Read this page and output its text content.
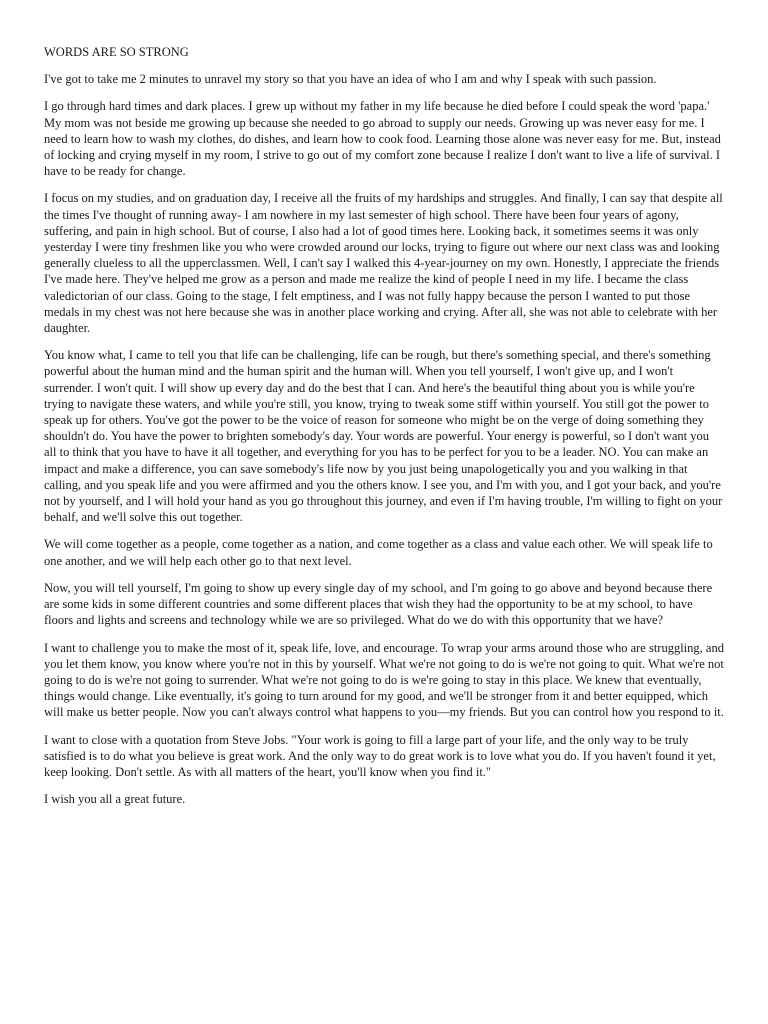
WORDS ARE SO STRONG

I've got to take me 2 minutes to unravel my story so that you have an idea of who I am and why I speak with such passion.

I go through hard times and dark places. I grew up without my father in my life because he died before I could speak the word 'papa.' My mom was not beside me growing up because she needed to go abroad to supply our needs. Growing up was never easy for me. I need to learn how to wash my clothes, do dishes, and learn how to cook food. Learning those alone was never easy for me. But, instead of locking and crying myself in my room, I strive to go out of my comfort zone because I realize I don't want to live a life of survival. I have to be ready for change.

I focus on my studies, and on graduation day, I receive all the fruits of my hardships and struggles. And finally, I can say that despite all the times I've thought of running away- I am nowhere in my last semester of high school. There have been four years of agony, suffering, and pain in high school. But of course, I also had a lot of good times here. Looking back, it sometimes seems it was only yesterday I were tiny freshmen like you who were crowded around our locks, trying to figure out where our next class was and looking generally clueless to all the upperclassmen. Well, I can't say I walked this 4-year-journey on my own. Honestly, I appreciate the friends I've made here. They've helped me grow as a person and made me realize the kind of people I need in my life. I became the class valedictorian of our class. Going to the stage, I felt emptiness, and I was not fully happy because the person I wanted to put those medals in my chest was not here because she was in another place working and crying. After all, she was not able to celebrate with her daughter.

You know what, I came to tell you that life can be challenging, life can be rough, but there's something special, and there's something powerful about the human mind and the human spirit and the human will. When you tell yourself, I won't give up, and I won't surrender. I won't quit. I will show up every day and do the best that I can. And here's the beautiful thing about you is while you're trying to navigate these waters, and while you're still, you know, trying to tweak some stiff within yourself. You still got the power to speak up for others. You've got the power to be the voice of reason for someone who might be on the verge of doing something they shouldn't do. You have the power to brighten somebody's day. Your words are powerful. Your energy is powerful, so I don't want you all to think that you have to have it all together, and everything for you has to be perfect for you to be a leader. NO. You can make an impact and make a difference, you can save somebody's life now by you just being unapologetically you and you walking in that calling, and you speak life and you were affirmed and you the others know. I see you, and I'm with you, and I got your back, and you're not by yourself, and I will hold your hand as you go throughout this journey, and even if I'm having trouble, I'm willing to fight on your behalf, and we'll solve this out together.

We will come together as a people, come together as a nation, and come together as a class and value each other. We will speak life to one another, and we will help each other go to that next level.

Now, you will tell yourself, I'm going to show up every single day of my school, and I'm going to go above and beyond because there are some kids in some different countries and some different places that wish they had the opportunity to be at my school, to have floors and lights and screens and technology while we are so privileged. What do we do with this opportunity that we have?

I want to challenge you to make the most of it, speak life, love, and encourage. To wrap your arms around those who are struggling, and you let them know, you know where you're not in this by yourself. What we're not going to do is we're not going to quit. What we're not going to do is we're not going to surrender. What we're not going to do is we're going to stay in this place. We knew that eventually, things would change. Like eventually, it's going to turn around for my good, and we'll be stronger from it and better equipped, which will make us better people. Now you can't always control what happens to you—my friends. But you can control how you respond to it.

I want to close with a quotation from Steve Jobs. "Your work is going to fill a large part of your life, and the only way to be truly satisfied is to do what you believe is great work. And the only way to do great work is to love what you do. If you haven't found it yet, keep looking. Don't settle. As with all matters of the heart, you'll know when you find it."

I wish you all a great future.
